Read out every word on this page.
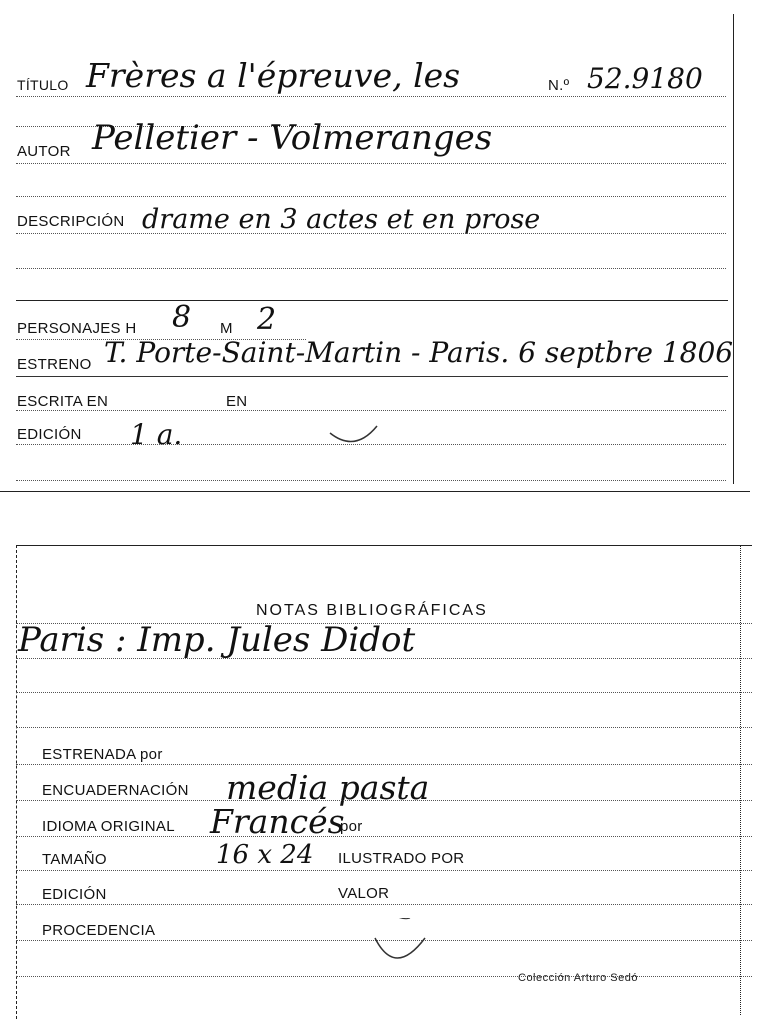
TÍTULO Frères a l'épreuve, les	N.º 52.9180
AUTOR Pelletier - Volmeranges
DESCRIPCIÓN drame en 3 actes et en prose
PERSONAJES H 8 M 2
ESTRENO T. Porte-Saint-Martin - Paris. 6 septbre 1806
ESCRITA EN	EN
EDICIÓN 1 a.
NOTAS BIBLIOGRÁFICAS
Paris : Imp. Jules Didot
ESTRENADA por
ENCUADERNACIÓN media pasta
IDIOMA ORIGINAL Francés
por
TAMAÑO	16 x 24 ILUSTRADO POR
EDICIÓN	VALOR
PROCEDENCIA
Colección Arturo Sedó
